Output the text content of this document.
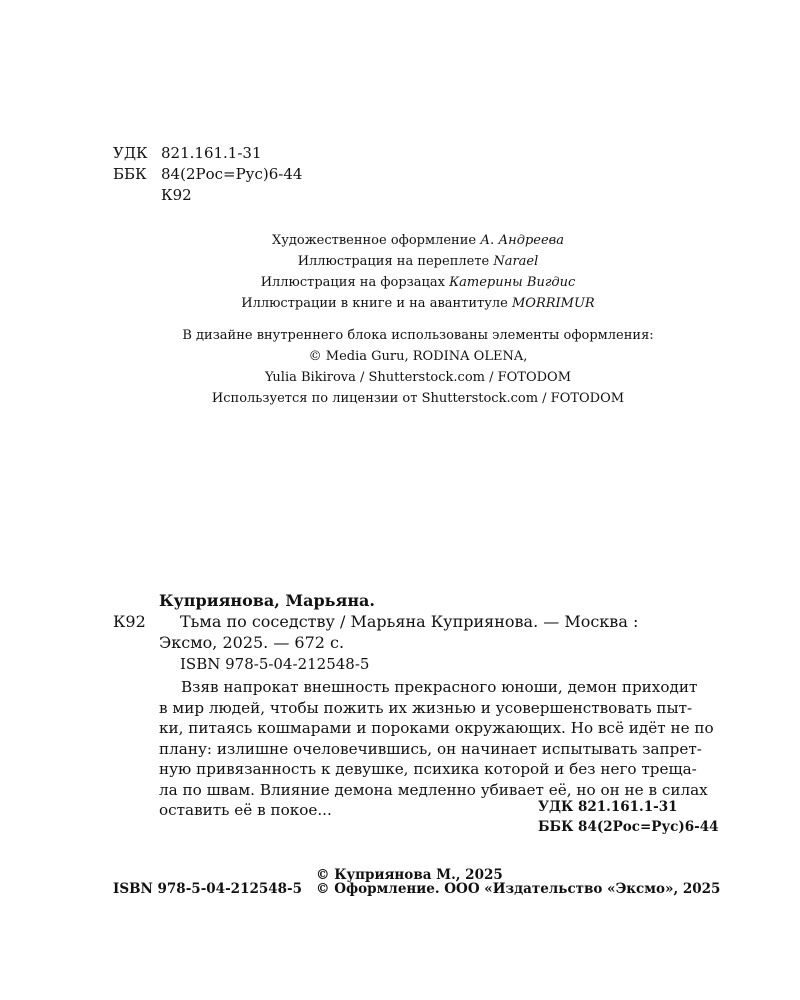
УДК 821.161.1-31
ББК 84(2Рос=Рус)6-44
К92
Художественное оформление А. Андреева
Иллюстрация на переплете Narael
Иллюстрация на форзацах Катерины Вигдис
Иллюстрации в книге и на авантитуле MORRIMUR
В дизайне внутреннего блока использованы элементы оформления:
© Media Guru, RODINA OLENA,
Yulia Bikirova / Shutterstock.com / FOTODOM
Используется по лицензии от Shutterstock.com / FOTODOM
Куприянова, Марьяна.
К92 Тьма по соседству / Марьяна Куприянова. — Москва :
Эксмо, 2025. — 672 с.
ISBN 978-5-04-212548-5
Взяв напрокат внешность прекрасного юноши, демон приходит
в мир людей, чтобы пожить их жизнью и усовершенствовать пыт-
ки, питаясь кошмарами и пороками окружающих. Но всё идёт не по
плану: излишне очеловечившись, он начинает испытывать запрет-
ную привязанность к девушке, психика которой и без него треща-
ла по швам. Влияние демона медленно убивает её, но он не в силах
оставить её в покое...	УДК 821.161.1-31
ББК 84(2Рос=Рус)6-44
© Куприянова М., 2025
ISBN 978-5-04-212548-5 © Оформление. ООО «Издательство «Эксмо», 2025
